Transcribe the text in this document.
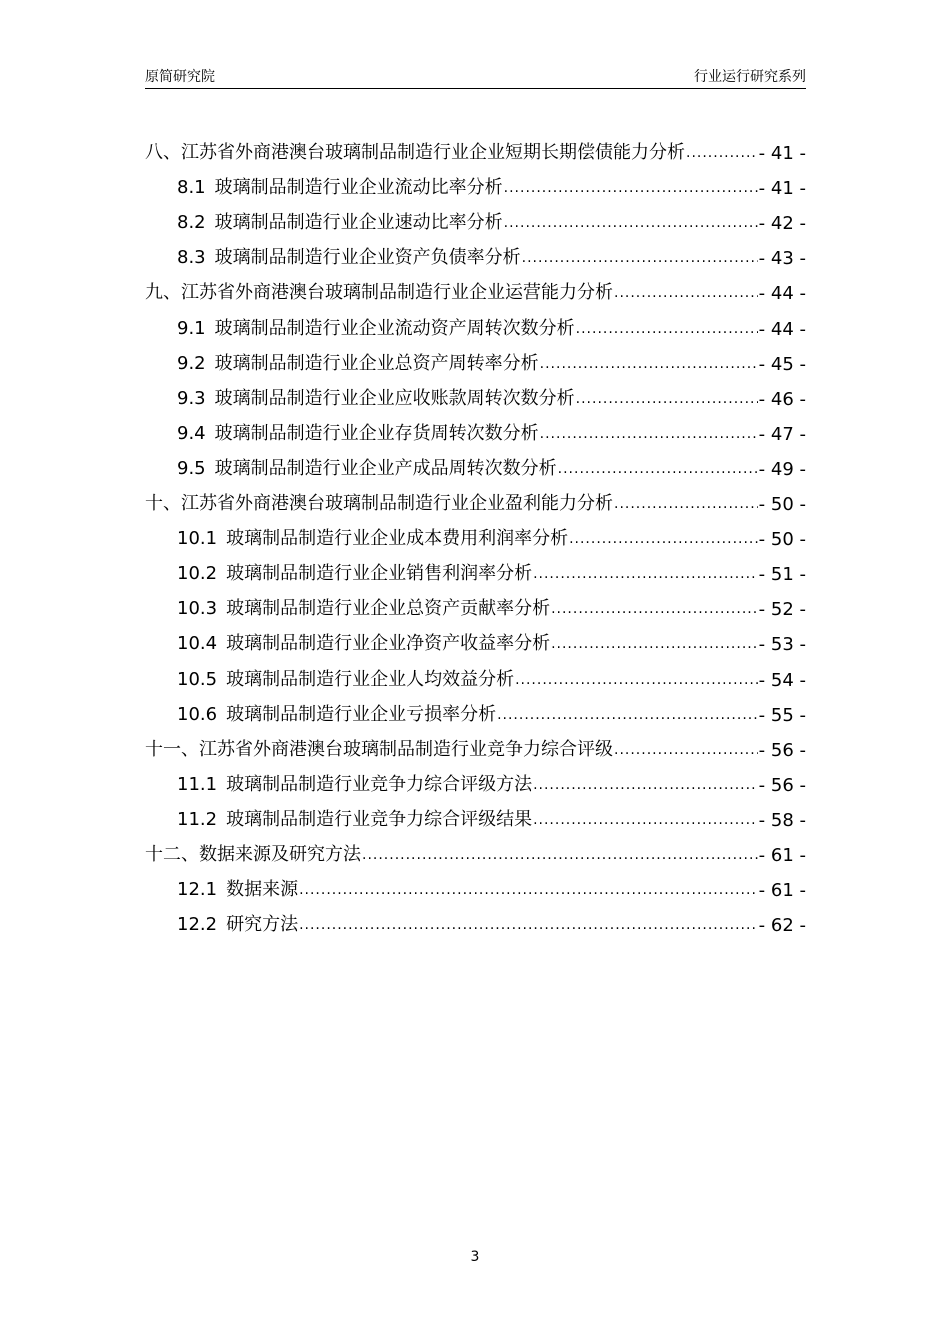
原简研究院	行业运行研究系列
八、江苏省外商港澳台玻璃制品制造行业企业短期长期偿债能力分析 .....	- 41 -
8.1 玻璃制品制造行业企业流动比率分析 .....	- 41 -
8.2 玻璃制品制造行业企业速动比率分析 .....	- 42 -
8.3 玻璃制品制造行业企业资产负债率分析 .....	- 43 -
九、江苏省外商港澳台玻璃制品制造行业企业运营能力分析 .....	- 44 -
9.1 玻璃制品制造行业企业流动资产周转次数分析 .....	- 44 -
9.2 玻璃制品制造行业企业总资产周转率分析 .....	- 45 -
9.3 玻璃制品制造行业企业应收账款周转次数分析 .....	- 46 -
9.4 玻璃制品制造行业企业存货周转次数分析 .....	- 47 -
9.5 玻璃制品制造行业企业产成品周转次数分析 .....	- 49 -
十、江苏省外商港澳台玻璃制品制造行业企业盈利能力分析 .....	- 50 -
10.1 玻璃制品制造行业企业成本费用利润率分析 .....	- 50 -
10.2 玻璃制品制造行业企业销售利润率分析 .....	- 51 -
10.3 玻璃制品制造行业企业总资产贡献率分析 .....	- 52 -
10.4 玻璃制品制造行业企业净资产收益率分析 .....	- 53 -
10.5 玻璃制品制造行业企业人均效益分析 .....	- 54 -
10.6 玻璃制品制造行业企业亏损率分析 .....	- 55 -
十一、江苏省外商港澳台玻璃制品制造行业竞争力综合评级 .....	- 56 -
11.1 玻璃制品制造行业竞争力综合评级方法 .....	- 56 -
11.2 玻璃制品制造行业竞争力综合评级结果 .....	- 58 -
十二、数据来源及研究方法 .....	- 61 -
12.1 数据来源 .....	- 61 -
12.2 研究方法 .....	- 62 -
3
